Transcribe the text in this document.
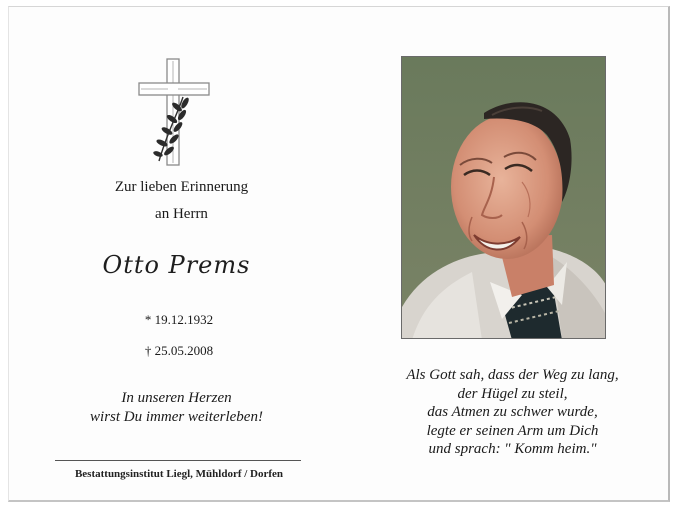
Zur lieben Erinnerung
an Herrn
Otto Prems
* 19.12.1932
† 25.05.2008
In unseren Herzen
wirst Du immer weiterleben!
Bestattungsinstitut Liegl, Mühldorf / Dorfen
Als Gott sah, dass der Weg zu lang,
der Hügel zu steil,
das Atmen zu schwer wurde,
legte er seinen Arm um Dich
und sprach: " Komm heim."
